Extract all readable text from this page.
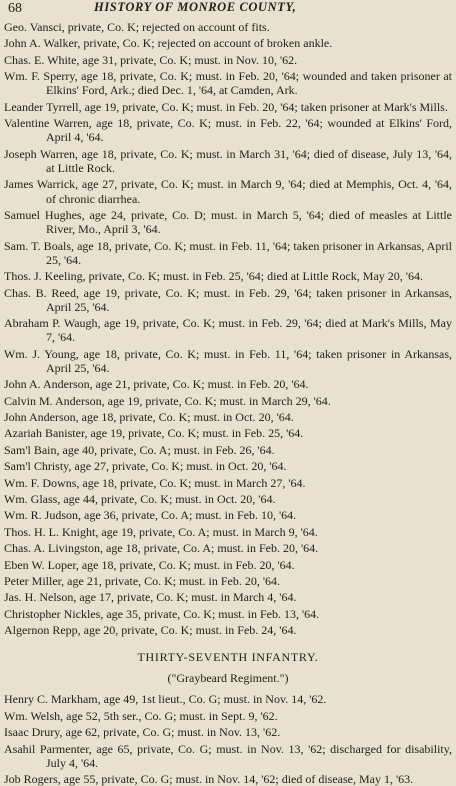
68	HISTORY OF MONROE COUNTY,
Geo. Vansci, private, Co. K; rejected on account of fits.
John A. Walker, private, Co. K; rejected on account of broken ankle.
Chas. E. White, age 31, private, Co. K; must. in Nov. 10, '62.
Wm. F. Sperry, age 18, private, Co. K; must. in Feb. 20, '64; wounded and taken prisoner at Elkins' Ford, Ark.; died Dec. 1, '64, at Camden, Ark.
Leander Tyrrell, age 19, private, Co. K; must. in Feb. 20, '64; taken prisoner at Mark's Mills.
Valentine Warren, age 18, private, Co. K; must. in Feb. 22, '64; wounded at Elkins' Ford, April 4, '64.
Joseph Warren, age 18, private, Co. K; must. in March 31, '64; died of disease, July 13, '64, at Little Rock.
James Warrick, age 27, private, Co. K; must. in March 9, '64; died at Memphis, Oct. 4, '64, of chronic diarrhea.
Samuel Hughes, age 24, private, Co. D; must. in March 5, '64; died of measles at Little River, Mo., April 3, '64.
Sam. T. Boals, age 18, private, Co. K; must. in Feb. 11, '64; taken prisoner in Arkansas, April 25, '64.
Thos. J. Keeling, private, Co. K; must. in Feb. 25, '64; died at Little Rock, May 20, '64.
Chas. B. Reed, age 19, private, Co. K; must. in Feb. 29, '64; taken prisoner in Arkansas, April 25, '64.
Abraham P. Waugh, age 19, private, Co. K; must. in Feb. 29, '64; died at Mark's Mills, May 7, '64.
Wm. J. Young, age 18, private, Co. K; must. in Feb. 11, '64; taken prisoner in Arkansas, April 25, '64.
John A. Anderson, age 21, private, Co. K; must. in Feb. 20, '64.
Calvin M. Anderson, age 19, private, Co. K; must. in March 29, '64.
John Anderson, age 18, private, Co. K; must. in Oct. 20, '64.
Azariah Banister, age 19, private, Co. K; must. in Feb. 25, '64.
Sam'l Bain, age 40, private, Co. A; must. in Feb. 26, '64.
Sam'l Christy, age 27, private, Co. K; must. in Oct. 20, '64.
Wm. F. Downs, age 18, private, Co. K; must. in March 27, '64.
Wm. Glass, age 44, private, Co. K; must. in Oct. 20, '64.
Wm. R. Judson, age 36, private, Co. A; must. in Feb. 10, '64.
Thos. H. L. Knight, age 19, private, Co. A; must. in March 9, '64.
Chas. A. Livingston, age 18, private, Co. A; must. in Feb. 20, '64.
Eben W. Loper, age 18, private, Co. K; must. in Feb. 20, '64.
Peter Miller, age 21, private, Co. K; must. in Feb. 20, '64.
Jas. H. Nelson, age 17, private, Co. K; must. in March 4, '64.
Christopher Nickles, age 35, private, Co. K; must. in Feb. 13, '64.
Algernon Repp, age 20, private, Co. K; must. in Feb. 24, '64.
THIRTY-SEVENTH INFANTRY.
("Graybeard Regiment.")
Henry C. Markham, age 49, 1st lieut., Co. G; must. in Nov. 14, '62.
Wm. Welsh, age 52, 5th ser., Co. G; must. in Sept. 9, '62.
Isaac Drury, age 62, private, Co. G; must. in Nov. 13, '62.
Asahil Parmenter, age 65, private, Co. G; must. in Nov. 13, '62; discharged for disability, July 4, '64.
Job Rogers, age 55, private, Co. G; must. in Nov. 14, '62; died of disease, May 1, '63.
